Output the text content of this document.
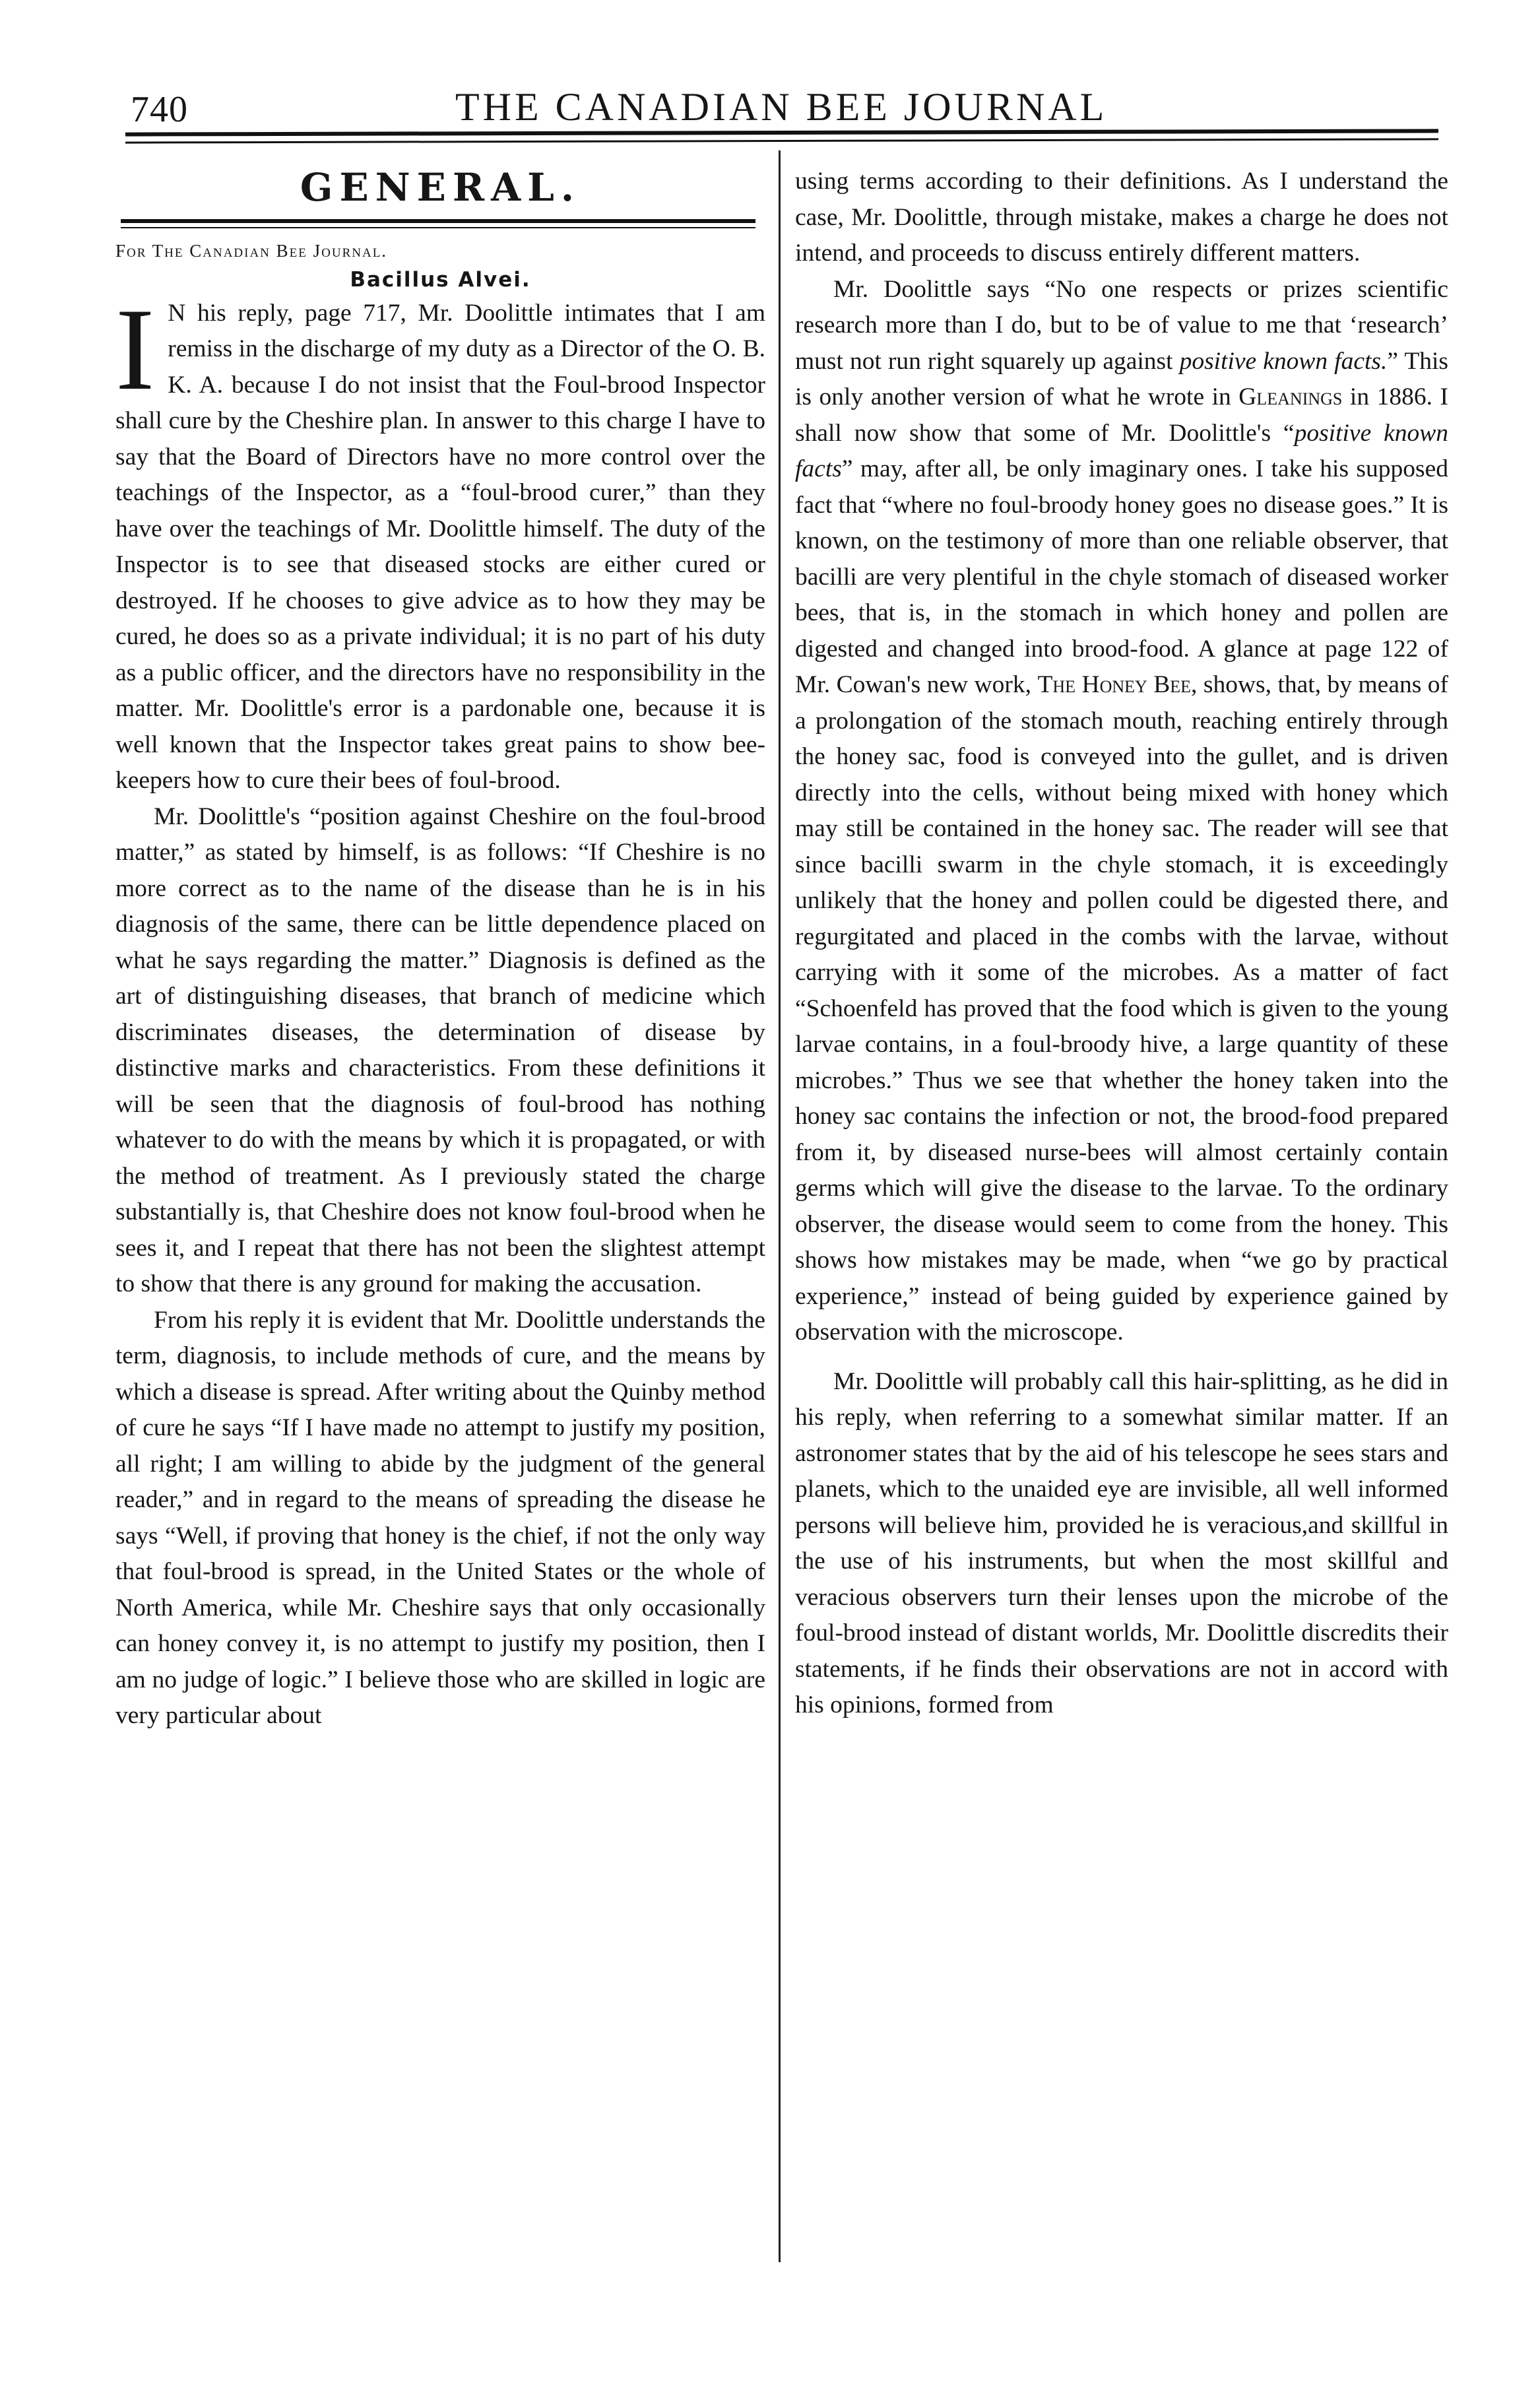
740	THE CANADIAN BEE JOURNAL
GENERAL.

For The Canadian Bee Journal.

Bacillus Alvei.

I N his reply, page 717, Mr. Doolittle intimates that I am remiss in the discharge of my duty as a Director of the O. B. K. A. because I do not insist that the Foul-brood Inspector shall cure by the Cheshire plan. In answer to this charge I have to say that the Board of Directors have no more control over the teachings of the Inspector, as a “foul-brood curer,” than they have over the teachings of Mr. Doolittle himself. The duty of the Inspector is to see that diseased stocks are either cured or destroyed. If he chooses to give advice as to how they may be cured, he does so as a private individual; it is no part of his duty as a public officer, and the directors have no responsibility in the matter. Mr. Doolittle's error is a pardonable one, because it is well known that the Inspector takes great pains to show bee-keepers how to cure their bees of foul-brood.

Mr. Doolittle's “position against Cheshire on the foul-brood matter,” as stated by himself, is as follows: “If Cheshire is no more correct as to the name of the disease than he is in his diagnosis of the same, there can be little dependence placed on what he says regarding the matter.” Diagnosis is defined as the art of distinguishing diseases, that branch of medicine which discriminates diseases, the determination of disease by distinctive marks and characteristics. From these definitions it will be seen that the diagnosis of foul-brood has nothing whatever to do with the means by which it is propagated, or with the method of treatment. As I previously stated the charge substantially is, that Cheshire does not know foul-brood when he sees it, and I repeat that there has not been the slightest attempt to show that there is any ground for making the accusation.

From his reply it is evident that Mr. Doolittle understands the term, diagnosis, to include methods of cure, and the means by which a disease is spread. After writing about the Quinby method of cure he says “If I have made no attempt to justify my position, all right; I am willing to abide by the judgment of the general reader,” and in regard to the means of spreading the disease he says “Well, if proving that honey is the chief, if not the only way that foul-brood is spread, in the United States or the whole of North America, while Mr. Cheshire says that only occasionally can honey convey it, is no attempt to justify my position, then I am no judge of logic.” I believe those who are skilled in logic are very particular about

using terms according to their definitions. As I understand the case, Mr. Doolittle, through mistake, makes a charge he does not intend, and proceeds to discuss entirely different matters.

Mr. Doolittle says “No one respects or prizes scientific research more than I do, but to be of value to me that ‘research’ must not run right squarely up against positive known facts.” This is only another version of what he wrote in Gleanings in 1886. I shall now show that some of Mr. Doolittle's “positive known facts” may, after all, be only imaginary ones. I take his supposed fact that “where no foul-broody honey goes no disease goes.” It is known, on the testimony of more than one reliable observer, that bacilli are very plentiful in the chyle stomach of diseased worker bees, that is, in the stomach in which honey and pollen are digested and changed into brood-food. A glance at page 122 of Mr. Cowan's new work, The Honey Bee, shows, that, by means of a prolongation of the stomach mouth, reaching entirely through the honey sac, food is conveyed into the gullet, and is driven directly into the cells, without being mixed with honey which may still be contained in the honey sac. The reader will see that since bacilli swarm in the chyle stomach, it is exceedingly unlikely that the honey and pollen could be digested there, and regurgitated and placed in the combs with the larvae, without carrying with it some of the microbes. As a matter of fact “Schoenfeld has proved that the food which is given to the young larvae contains, in a foul-broody hive, a large quantity of these microbes.” Thus we see that whether the honey taken into the honey sac contains the infection or not, the brood-food prepared from it, by diseased nurse-bees will almost certainly contain germs which will give the disease to the larvae. To the ordinary observer, the disease would seem to come from the honey. This shows how mistakes may be made, when “we go by practical experience,” instead of being guided by experience gained by observation with the microscope.

Mr. Doolittle will probably call this hair-splitting, as he did in his reply, when referring to a somewhat similar matter. If an astronomer states that by the aid of his telescope he sees stars and planets, which to the unaided eye are invisible, all well informed persons will believe him, provided he is veracious,and skillful in the use of his instruments, but when the most skillful and veracious observers turn their lenses upon the microbe of the foul-brood instead of distant worlds, Mr. Doolittle discredits their statements, if he finds their observations are not in accord with his opinions, formed from
